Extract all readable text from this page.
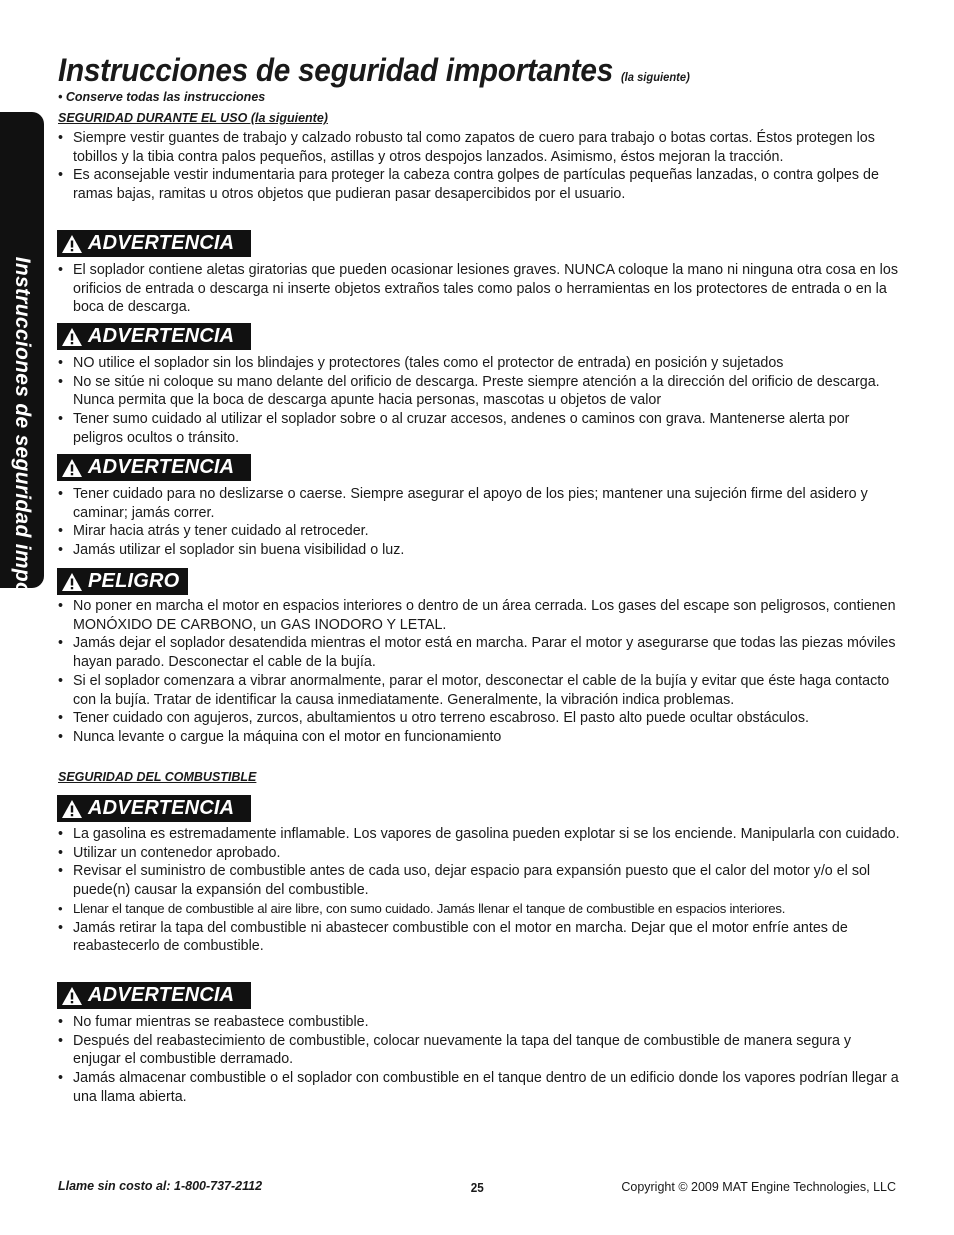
Instrucciones de seguridad importantes
Instrucciones de seguridad importantes (la siguiente)
• Conserve todas las instrucciones
SEGURIDAD DURANTE EL USO (la siguiente)
• Siempre vestir guantes de trabajo y calzado robusto tal como zapatos de cuero para trabajo o botas cortas. Éstos protegen los tobillos y la tibia contra palos pequeños, astillas y otros despojos lanzados. Asimismo, éstos mejoran la tracción.
• Es aconsejable vestir indumentaria para proteger la cabeza contra golpes de partículas pequeñas lanzadas, o contra golpes de ramas bajas, ramitas u otros objetos que pudieran pasar desapercibidos por el usuario.
ADVERTENCIA
• El soplador contiene aletas giratorias que pueden ocasionar lesiones graves. NUNCA coloque la mano ni ninguna otra cosa en los orificios de entrada o descarga ni inserte objetos extraños tales como palos o herramientas en los protectores de entrada o en la boca de descarga.
ADVERTENCIA
• NO utilice el soplador sin los blindajes y protectores (tales como el protector de entrada) en posición y sujetados
• No se sitúe ni coloque su mano delante del orificio de descarga. Preste siempre atención a la dirección del orificio de descarga. Nunca permita que la boca de descarga apunte hacia personas, mascotas u objetos de valor
• Tener sumo cuidado al utilizar el soplador sobre o al cruzar accesos, andenes o caminos con grava. Mantenerse alerta por peligros ocultos o tránsito.
ADVERTENCIA
• Tener cuidado para no deslizarse o caerse. Siempre asegurar el apoyo de los pies; mantener una sujeción firme del asidero y caminar; jamás correr.
• Mirar hacia atrás y tener cuidado al retroceder.
• Jamás utilizar el soplador sin buena visibilidad o luz.
PELIGRO
• No poner en marcha el motor en espacios interiores o dentro de un área cerrada. Los gases del escape son peligrosos, contienen MONÓXIDO DE CARBONO, un GAS INODORO Y LETAL.
• Jamás dejar el soplador desatendida mientras el motor está en marcha. Parar el motor y asegurarse que todas las piezas móviles hayan parado. Desconectar el cable de la bujía.
• Si el soplador comenzara a vibrar anormalmente, parar el motor, desconectar el cable de la bujía y evitar que éste haga contacto con la bujía. Tratar de identificar la causa inmediatamente. Generalmente, la vibración indica problemas.
• Tener cuidado con agujeros, zurcos, abultamientos u otro terreno escabroso. El pasto alto puede ocultar obstáculos.
• Nunca levante o cargue la máquina con el motor en funcionamiento
SEGURIDAD DEL COMBUSTIBLE
ADVERTENCIA
• La gasolina es estremadamente inflamable. Los vapores de gasolina pueden explotar si se los enciende. Manipularla con cuidado.
• Utilizar un contenedor aprobado.
• Revisar el suministro de combustible antes de cada uso, dejar espacio para expansión puesto que el calor del motor y/o el sol puede(n) causar la expansión del combustible.
• Llenar el tanque de combustible al aire libre, con sumo cuidado. Jamás llenar el tanque de combustible en espacios interiores.
• Jamás retirar la tapa del combustible ni abastecer combustible con el motor en marcha. Dejar que el motor enfríe antes de reabastecerlo de combustible.
ADVERTENCIA
• No fumar mientras se reabastece combustible.
• Después del reabastecimiento de combustible, colocar nuevamente la tapa del tanque de combustible de manera segura y enjugar el combustible derramado.
• Jamás almacenar combustible o el soplador con combustible en el tanque dentro de un edificio donde los vapores podrían llegar a una llama abierta.
Llame sin costo al: 1-800-737-2112	25	Copyright © 2009 MAT Engine Technologies, LLC
